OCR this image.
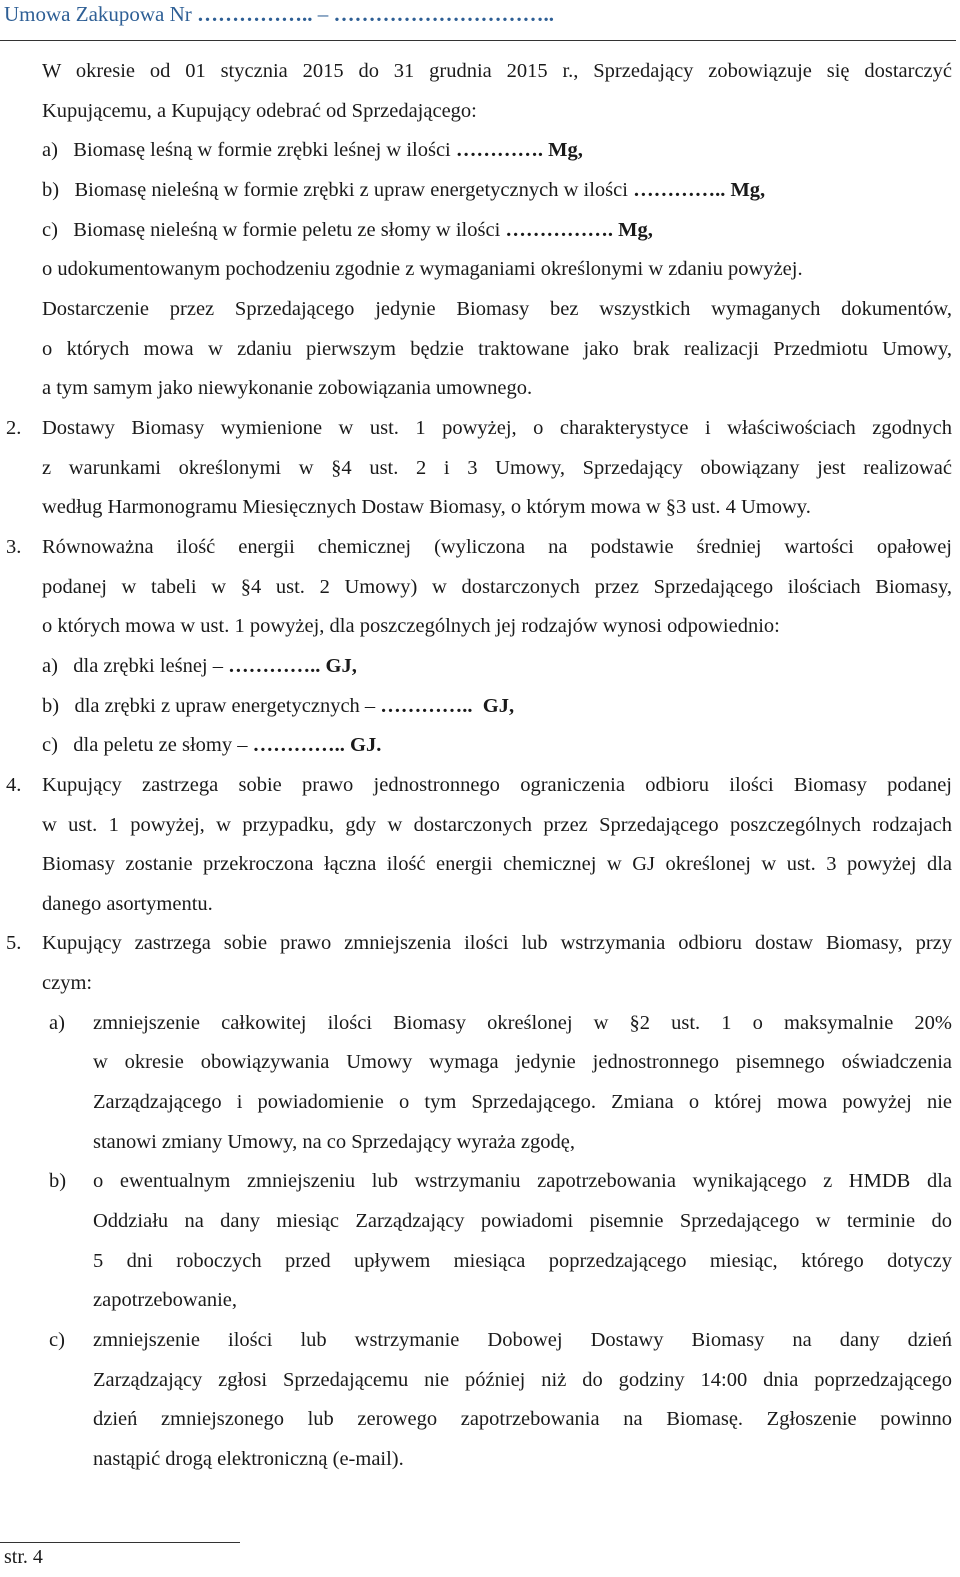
Umowa Zakupowa Nr …………….. – …………………………..
W okresie od 01 stycznia 2015 do 31 grudnia 2015 r., Sprzedający zobowiązuje się dostarczyć
Kupującemu, a Kupujący odebrać od Sprzedającego:
a)   Biomasę leśną w formie zrębki leśnej w ilości …………. Mg,
b)   Biomasę nieleśną w formie zrębki z upraw energetycznych w ilości ………….. Mg,
c)   Biomasę nieleśną w formie peletu ze słomy w ilości ……………. Mg,
o udokumentowanym pochodzeniu zgodnie z wymaganiami określonymi w zdaniu powyżej.
Dostarczenie przez Sprzedającego jedynie Biomasy bez wszystkich wymaganych dokumentów,
o których mowa w zdaniu pierwszym będzie traktowane jako brak realizacji Przedmiotu Umowy,
a tym samym jako niewykonanie zobowiązania umownego.
2. Dostawy Biomasy wymienione w ust. 1 powyżej, o charakterystyce i właściwościach zgodnych
z warunkami określonymi w §4 ust. 2 i 3 Umowy, Sprzedający obowiązany jest realizować
według Harmonogramu Miesięcznych Dostaw Biomasy, o którym mowa w §3 ust. 4 Umowy.
3. Równoważna ilość energii chemicznej (wyliczona na podstawie średniej wartości opałowej
podanej w tabeli w §4 ust. 2 Umowy) w dostarczonych przez Sprzedającego ilościach Biomasy,
o których mowa w ust. 1 powyżej, dla poszczególnych jej rodzajów wynosi odpowiednio:
a)   dla zrębki leśnej – ………….. GJ,
b)   dla zrębki z upraw energetycznych – …………..  GJ,
c)   dla peletu ze słomy – ………….. GJ.
4. Kupujący zastrzega sobie prawo jednostronnego ograniczenia odbioru ilości Biomasy podanej
w ust. 1 powyżej, w przypadku, gdy w dostarczonych przez Sprzedającego poszczególnych rodzajach
Biomasy zostanie przekroczona łączna ilość energii chemicznej w GJ określonej w ust. 3 powyżej dla
danego asortymentu.
5. Kupujący zastrzega sobie prawo zmniejszenia ilości lub wstrzymania odbioru dostaw Biomasy, przy
czym:
a) zmniejszenie całkowitej ilości Biomasy określonej w §2 ust. 1 o maksymalnie 20%
w okresie obowiązywania Umowy wymaga jedynie jednostronnego pisemnego oświadczenia
Zarządzającego i powiadomienie o tym Sprzedającego. Zmiana o której mowa powyżej nie
stanowi zmiany Umowy, na co Sprzedający wyraża zgodę,
b) o ewentualnym zmniejszeniu lub wstrzymaniu zapotrzebowania wynikającego z HMDB dla
Oddziału na dany miesiąc Zarządzający powiadomi pisemnie Sprzedającego w terminie do
5 dni roboczych przed upływem miesiąca poprzedzającego miesiąc, którego dotyczy
zapotrzebowanie,
c) zmniejszenie ilości lub wstrzymanie Dobowej Dostawy Biomasy na dany dzień
Zarządzający zgłosi Sprzedającemu nie później niż do godziny 14:00 dnia poprzedzającego
dzień zmniejszonego lub zerowego zapotrzebowania na Biomasę. Zgłoszenie powinno
nastąpić drogą elektroniczną (e-mail).
str. 4
